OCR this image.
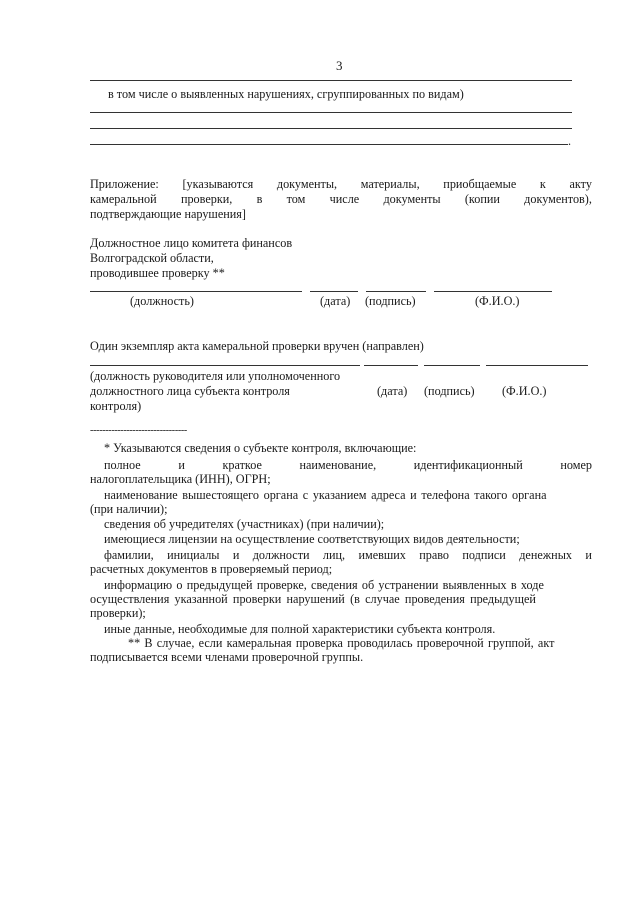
3
в том числе о выявленных нарушениях, сгруппированных по видам)
.
Приложение: [указываются документы, материалы, приобщаемые к акту
камеральной проверки, в том числе документы (копии документов),
подтверждающие нарушения]
Должностное лицо комитета финансов
Волгоградской области,
проводившее проверку **
(должность)	(дата) (подпись)	(Ф.И.О.)
Один экземпляр акта камеральной проверки вручен (направлен)
(должность руководителя или уполномоченного
должностного лица субъекта контроля
контроля)
(дата) (подпись) (Ф.И.О.)
--------------------------------
* Указываются сведения о субъекте контроля, включающие:
полное	и	краткое	наименование,	идентификационный	номер
налогоплательщика (ИНН), ОГРН;
наименование вышестоящего органа с указанием адреса и телефона такого органа
(при наличии);
сведения об учредителях (участниках) (при наличии);
имеющиеся лицензии на осуществление соответствующих видов деятельности;
фамилии, инициалы и должности лиц, имевших право подписи денежных и
расчетных документов в проверяемый период;
информацию о предыдущей проверке, сведения об устранении выявленных в ходе
осуществления указанной проверки нарушений (в случае проведения предыдущей
проверки);
иные данные, необходимые для полной характеристики субъекта контроля.
** В случае, если камеральная проверка проводилась проверочной группой, акт
подписывается всеми членами проверочной группы.
